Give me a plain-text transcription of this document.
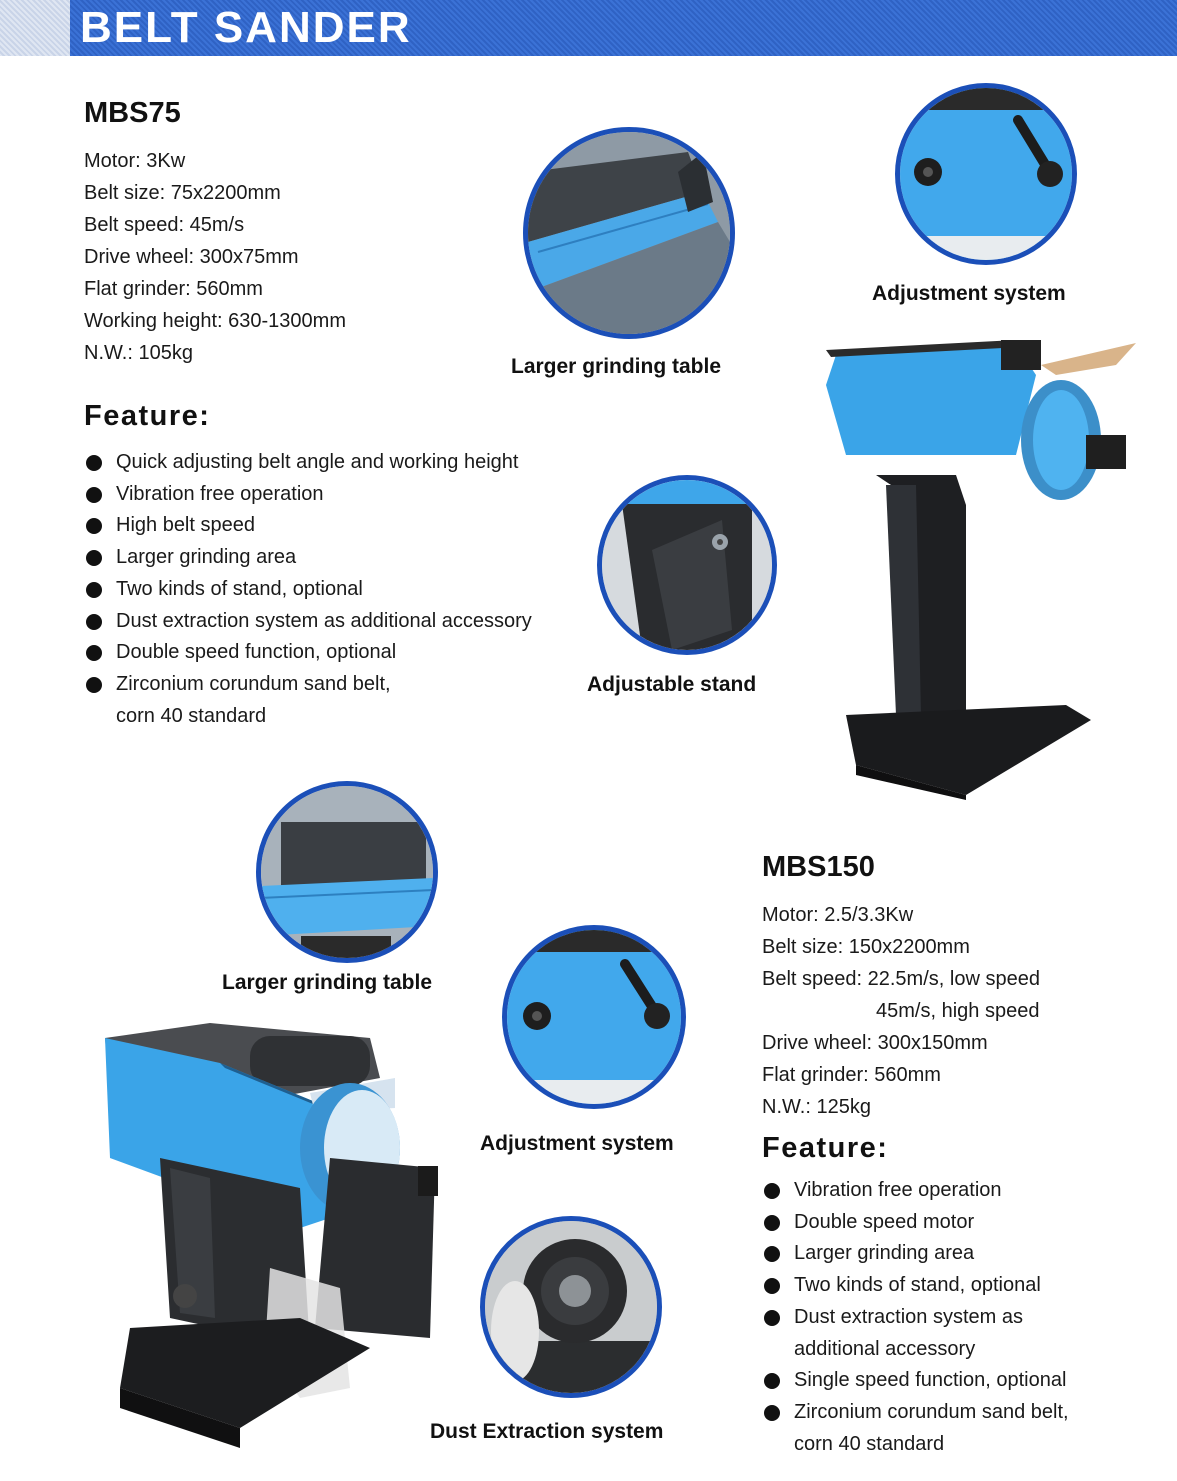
BELT SANDER
MBS75
Motor: 3Kw
Belt size: 75x2200mm
Belt speed: 45m/s
Drive wheel: 300x75mm
Flat grinder: 560mm
Working height: 630-1300mm
N.W.: 105kg
Feature:
Quick adjusting belt angle and working height
Vibration free operation
High belt speed
Larger grinding area
Two kinds of stand, optional
Dust extraction system as additional accessory
Double speed function, optional
Zirconium corundum sand belt,
corn 40 standard
Larger grinding table
Adjustment system
Adjustable stand
MBS150
Motor: 2.5/3.3Kw
Belt size: 150x2200mm
Belt speed: 22.5m/s, low speed
45m/s, high speed
Drive wheel: 300x150mm
Flat grinder: 560mm
N.W.: 125kg
Feature:
Vibration free operation
Double speed motor
Larger grinding area
Two kinds of stand, optional
Dust extraction system as
additional accessory
Single speed function, optional
Zirconium corundum sand belt,
corn 40 standard
Larger grinding table
Adjustment system
Dust Extraction system
